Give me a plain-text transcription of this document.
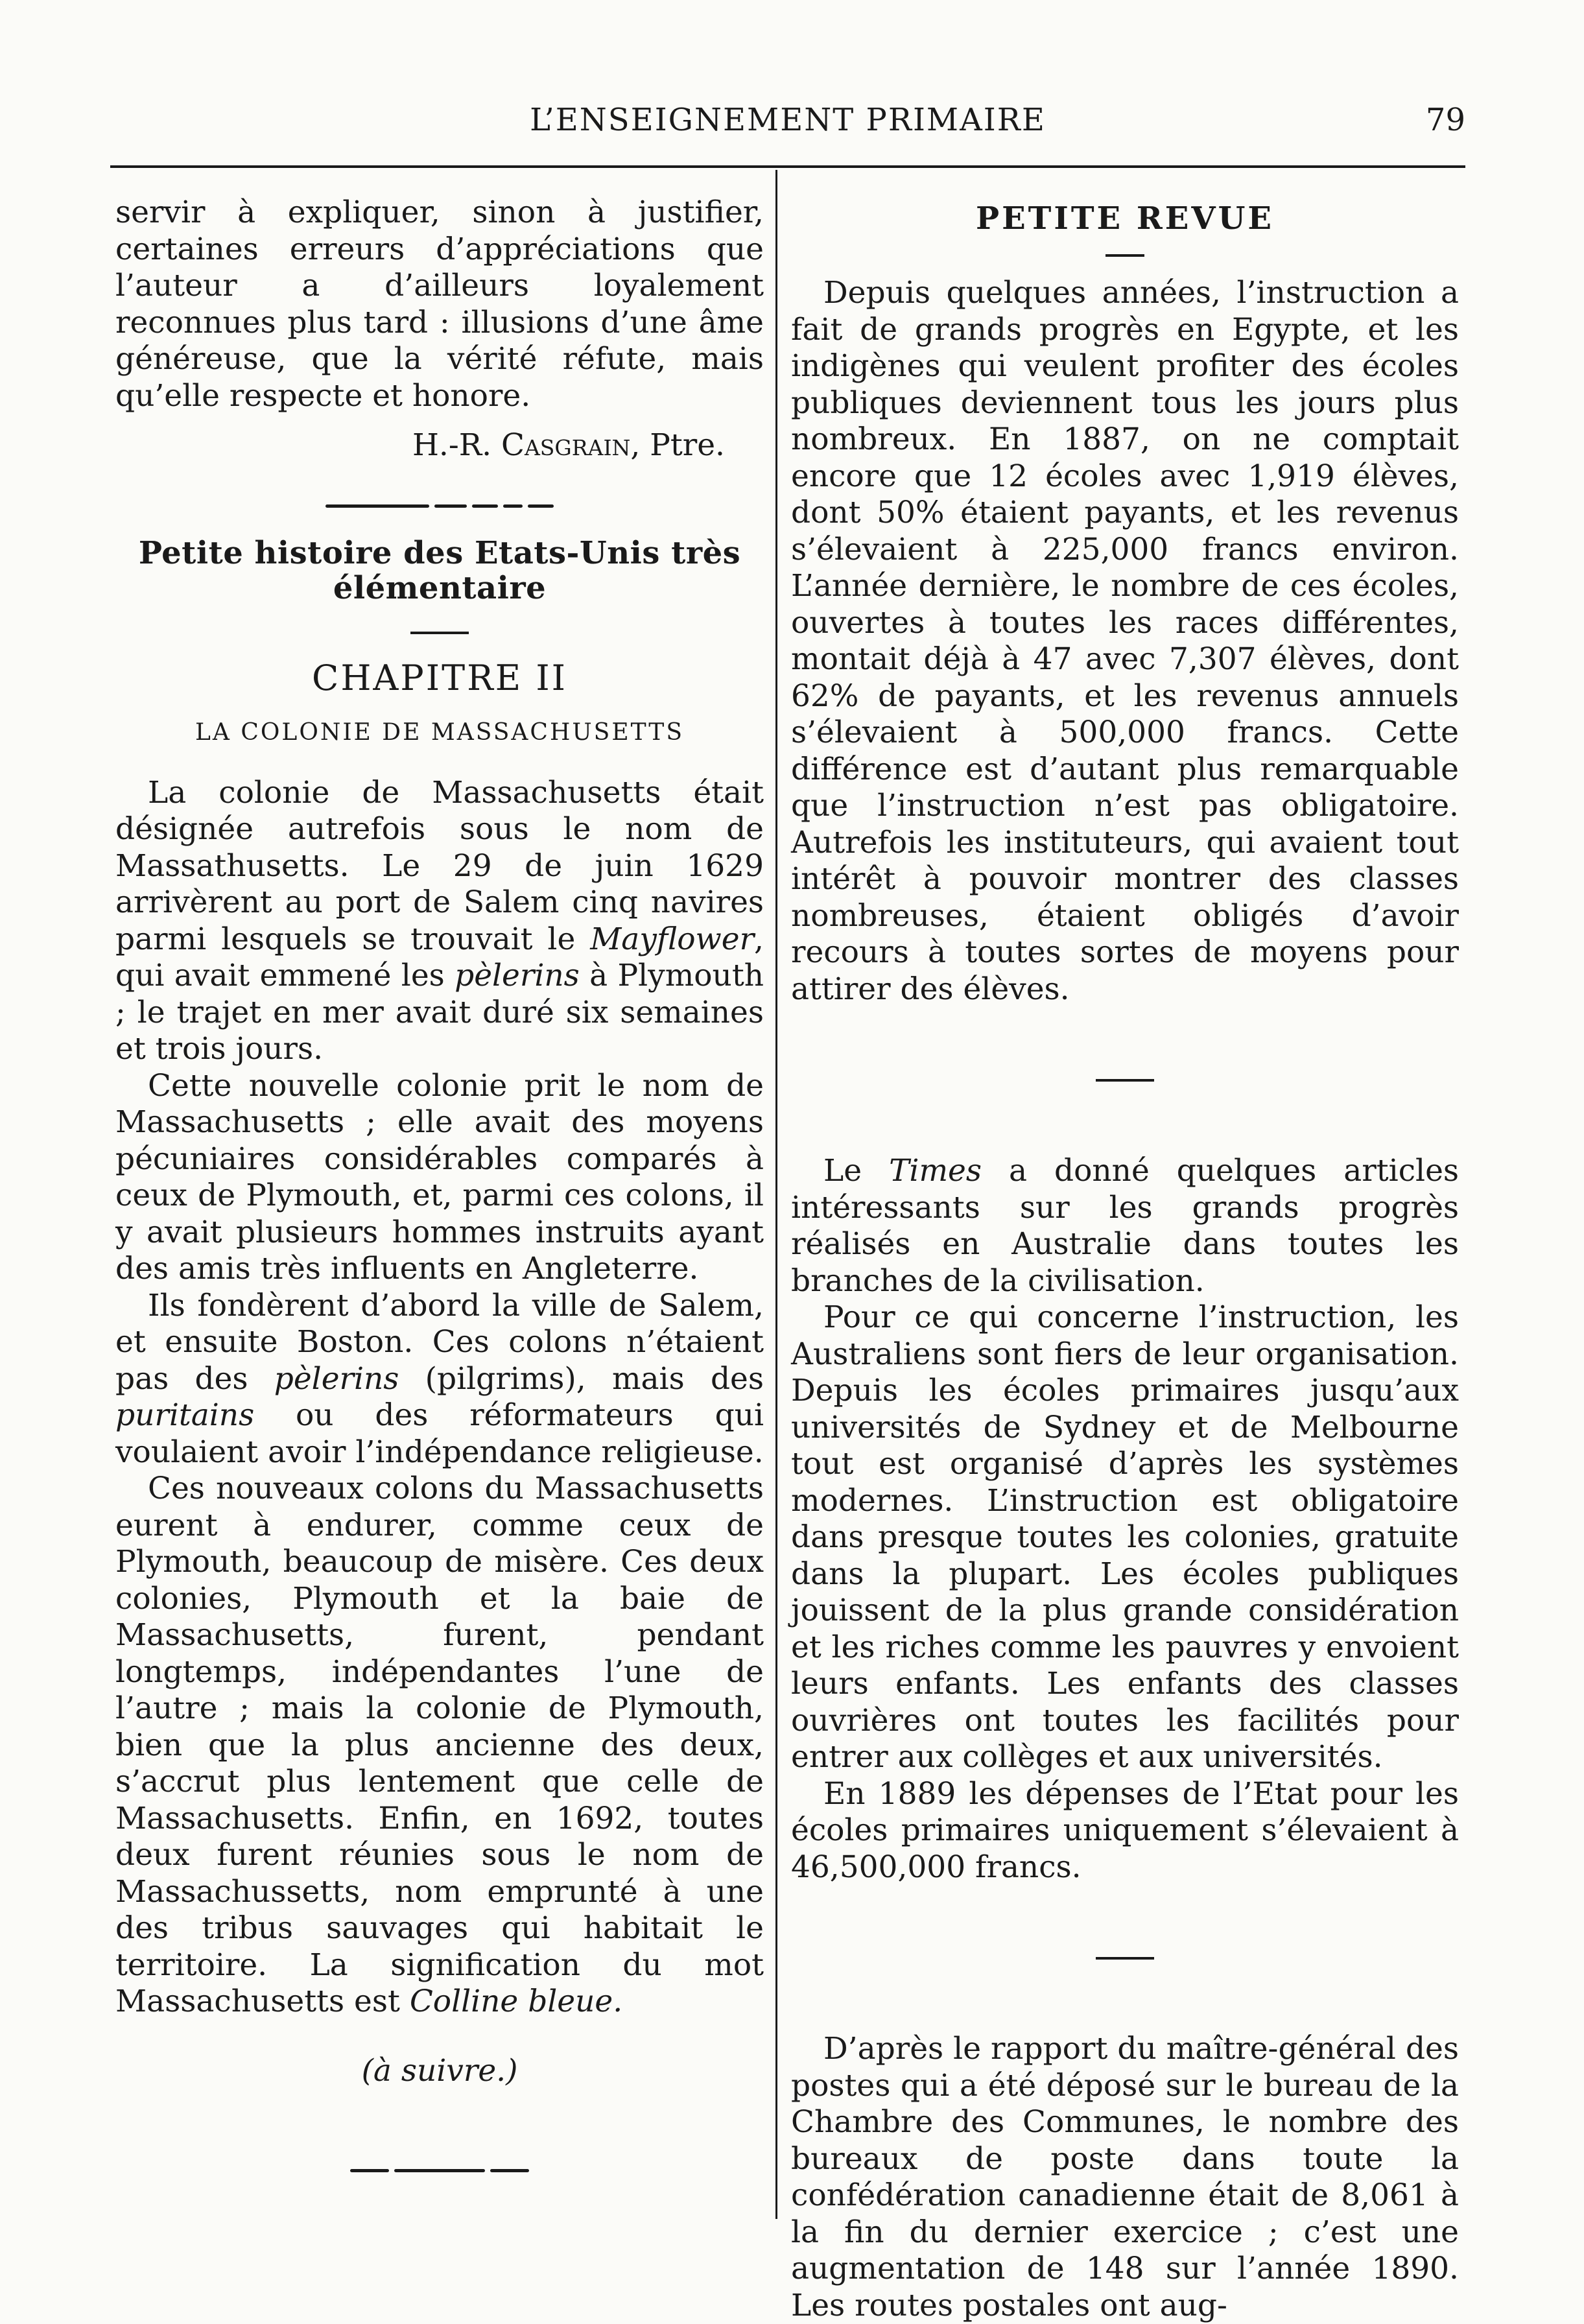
L’ENSEIGNEMENT PRIMAIRE	79

servir à expliquer, sinon à justifier, certaines erreurs d’appréciations que l’auteur a d’ailleurs loyalement reconnues plus tard : illusions d’une âme généreuse, que la vérité réfute, mais qu’elle respecte et honore.

H.-R. Casgrain, Ptre.
Petite histoire des Etats-Unis très élémentaire
CHAPITRE II
LA COLONIE DE MASSACHUSETTS

La colonie de Massachusetts était désignée autrefois sous le nom de Massathusetts. Le 29 de juin 1629 arrivèrent au port de Salem cinq navires parmi lesquels se trouvait le Mayflower, qui avait emmené les pèlerins à Plymouth ; le trajet en mer avait duré six semaines et trois jours.

Cette nouvelle colonie prit le nom de Massachusetts ; elle avait des moyens pécuniaires considérables comparés à ceux de Plymouth, et, parmi ces colons, il y avait plusieurs hommes instruits ayant des amis très influents en Angleterre.

Ils fondèrent d’abord la ville de Salem, et ensuite Boston. Ces colons n’étaient pas des pèlerins (pilgrims), mais des puritains ou des réformateurs qui voulaient avoir l’indépendance religieuse.

Ces nouveaux colons du Massachusetts eurent à endurer, comme ceux de Plymouth, beaucoup de misère. Ces deux colonies, Plymouth et la baie de Massachusetts, furent, pendant longtemps, indépendantes l’une de l’autre ; mais la colonie de Plymouth, bien que la plus ancienne des deux, s’accrut plus lentement que celle de Massachusetts. Enfin, en 1692, toutes deux furent réunies sous le nom de Massachussetts, nom emprunté à une des tribus sauvages qui habitait le territoire. La signification du mot Massachusetts est Colline bleue.

(à suivre.)
PETITE REVUE

Depuis quelques années, l’instruction a fait de grands progrès en Egypte, et les indigènes qui veulent profiter des écoles publiques deviennent tous les jours plus nombreux. En 1887, on ne comptait encore que 12 écoles avec 1,919 élèves, dont 50% étaient payants, et les revenus s’élevaient à 225,000 francs environ. L’année dernière, le nombre de ces écoles, ouvertes à toutes les races différentes, montait déjà à 47 avec 7,307 élèves, dont 62% de payants, et les revenus annuels s’élevaient à 500,000 francs. Cette différence est d’autant plus remarquable que l’instruction n’est pas obligatoire. Autrefois les instituteurs, qui avaient tout intérêt à pouvoir montrer des classes nombreuses, étaient obligés d’avoir recours à toutes sortes de moyens pour attirer des élèves.

Le Times a donné quelques articles intéressants sur les grands progrès réalisés en Australie dans toutes les branches de la civilisation.

Pour ce qui concerne l’instruction, les Australiens sont fiers de leur organisation. Depuis les écoles primaires jusqu’aux universités de Sydney et de Melbourne tout est organisé d’après les systèmes modernes. L’instruction est obligatoire dans presque toutes les colonies, gratuite dans la plupart. Les écoles publiques jouissent de la plus grande considération et les riches comme les pauvres y envoient leurs enfants. Les enfants des classes ouvrières ont toutes les facilités pour entrer aux collèges et aux universités.

En 1889 les dépenses de l’Etat pour les écoles primaires uniquement s’élevaient à 46,500,000 francs.

D’après le rapport du maître-général des postes qui a été déposé sur le bureau de la Chambre des Communes, le nombre des bureaux de poste dans toute la confédération canadienne était de 8,061 à la fin du dernier exercice ; c’est une augmentation de 148 sur l’année 1890. Les routes postales ont aug-
